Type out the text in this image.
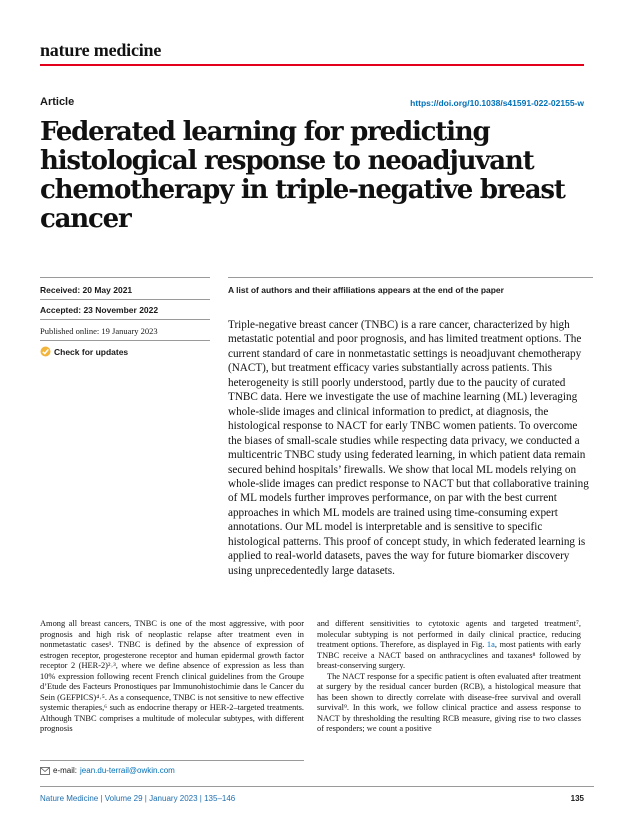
nature medicine
Article	https://doi.org/10.1038/s41591-022-02155-w
Federated learning for predicting histological response to neoadjuvant chemotherapy in triple-negative breast cancer
Received: 20 May 2021
Accepted: 23 November 2022
Published online: 19 January 2023
Check for updates
A list of authors and their affiliations appears at the end of the paper

Triple-negative breast cancer (TNBC) is a rare cancer, characterized by high metastatic potential and poor prognosis, and has limited treatment options. The current standard of care in nonmetastatic settings is neoadjuvant chemotherapy (NACT), but treatment efficacy varies substantially across patients. This heterogeneity is still poorly understood, partly due to the paucity of curated TNBC data. Here we investigate the use of machine learning (ML) leveraging whole-slide images and clinical information to predict, at diagnosis, the histological response to NACT for early TNBC women patients. To overcome the biases of small-scale studies while respecting data privacy, we conducted a multicentric TNBC study using federated learning, in which patient data remain secured behind hospitals’ firewalls. We show that local ML models relying on whole-slide images can predict response to NACT but that collaborative training of ML models further improves performance, on par with the best current approaches in which ML models are trained using time-consuming expert annotations. Our ML model is interpretable and is sensitive to specific histological patterns. This proof of concept study, in which federated learning is applied to real-world datasets, paves the way for future biomarker discovery using unprecedentedly large datasets.

Among all breast cancers, TNBC is one of the most aggressive, with poor prognosis and high risk of neoplastic relapse after treatment even in nonmetastatic cases¹. TNBC is defined by the absence of expression of estrogen receptor, progesterone receptor and human epidermal growth factor receptor 2 (HER-2)²˒³, where we define absence of expression as less than 10% expression following recent French clinical guidelines from the Groupe d’Etude des Facteurs Pronostiques par Immunohistochimie dans le Cancer du Sein (GEFPICS)⁴˒⁵. As a consequence, TNBC is not sensitive to new effective systemic therapies,⁶ such as endocrine therapy or HER-2–targeted treatments. Although TNBC comprises a multitude of molecular subtypes, with different prognosis

and different sensitivities to cytotoxic agents and targeted treatment⁷, molecular subtyping is not performed in daily clinical practice, reducing treatment options. Therefore, as displayed in Fig. 1a, most patients with early TNBC receive a NACT based on anthracyclines and taxanes⁸ followed by breast-conserving surgery.

The NACT response for a specific patient is often evaluated after treatment at surgery by the residual cancer burden (RCB), a histological measure that has been shown to directly correlate with disease-free survival and overall survival⁹. In this work, we follow clinical practice and assess response to NACT by thresholding the resulting RCB measure, giving rise to two classes of responders; we count a positive

e-mail: jean.du-terrail@owkin.com
Nature Medicine | Volume 29 | January 2023 | 135–146	135
